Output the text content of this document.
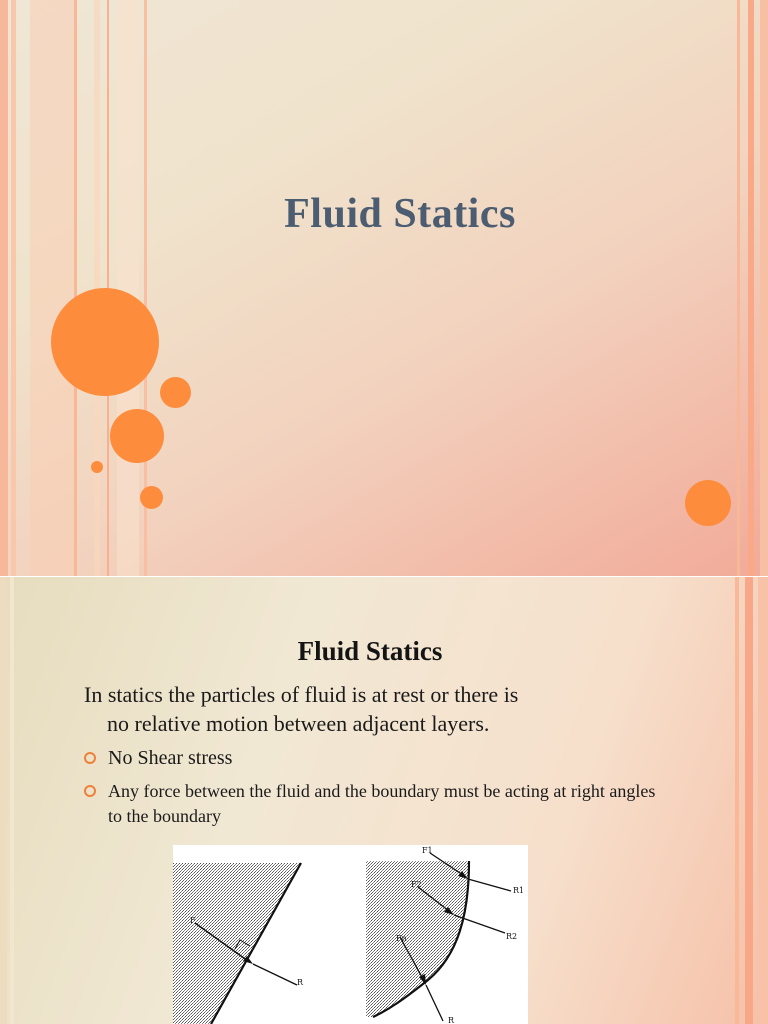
Fluid Statics
Fluid Statics
In statics the particles of fluid is at rest or there is
no relative motion between adjacent layers.
No Shear stress
Any force between the fluid and the boundary must be acting at right angles to the boundary
F
R
F1
F2
R1
R2
Fn
R
